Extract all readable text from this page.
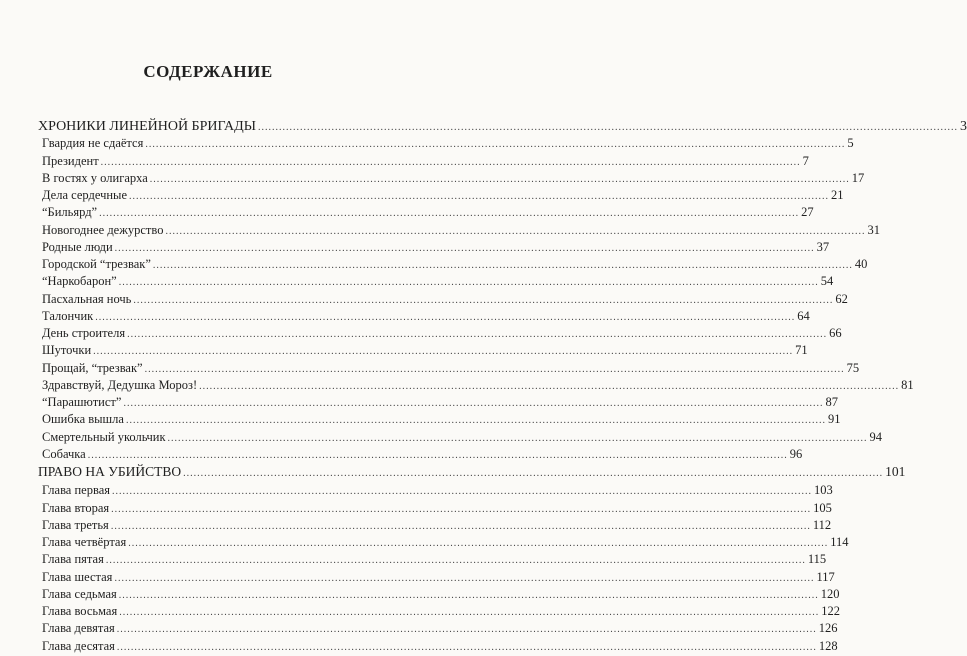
СОДЕРЖАНИЕ
ХРОНИКИ ЛИНЕЙНОЙ БРИГАДЫ ........................................................................................................................................................................................................ 3
Гвардия не сдаётся ........................................................................................................................................................................................................ 5
Президент ........................................................................................................................................................................................................ 7
В гостях у олигарха ........................................................................................................................................................................................................ 17
Дела сердечные ........................................................................................................................................................................................................ 21
“Бильярд” ........................................................................................................................................................................................................ 27
Новогоднее дежурство ........................................................................................................................................................................................................ 31
Родные люди ........................................................................................................................................................................................................ 37
Городской “трезвак” ........................................................................................................................................................................................................ 40
“Наркобарон” ........................................................................................................................................................................................................ 54
Пасхальная ночь ........................................................................................................................................................................................................ 62
Талончик ........................................................................................................................................................................................................ 64
День строителя ........................................................................................................................................................................................................ 66
Шуточки ........................................................................................................................................................................................................ 71
Прощай, “трезвак” ........................................................................................................................................................................................................ 75
Здравствуй, Дедушка Мороз! ........................................................................................................................................................................................................ 81
“Парашютист” ........................................................................................................................................................................................................ 87
Ошибка вышла ........................................................................................................................................................................................................ 91
Смертельный укольчик ........................................................................................................................................................................................................ 94
Собачка ........................................................................................................................................................................................................ 96
ПРАВО НА УБИЙСТВО ........................................................................................................................................................................................................ 101
Глава первая ........................................................................................................................................................................................................ 103
Глава вторая ........................................................................................................................................................................................................ 105
Глава третья ........................................................................................................................................................................................................ 112
Глава четвёртая ........................................................................................................................................................................................................ 114
Глава пятая ........................................................................................................................................................................................................ 115
Глава шестая ........................................................................................................................................................................................................ 117
Глава седьмая ........................................................................................................................................................................................................ 120
Глава восьмая ........................................................................................................................................................................................................ 122
Глава девятая ........................................................................................................................................................................................................ 126
Глава десятая ........................................................................................................................................................................................................ 128
